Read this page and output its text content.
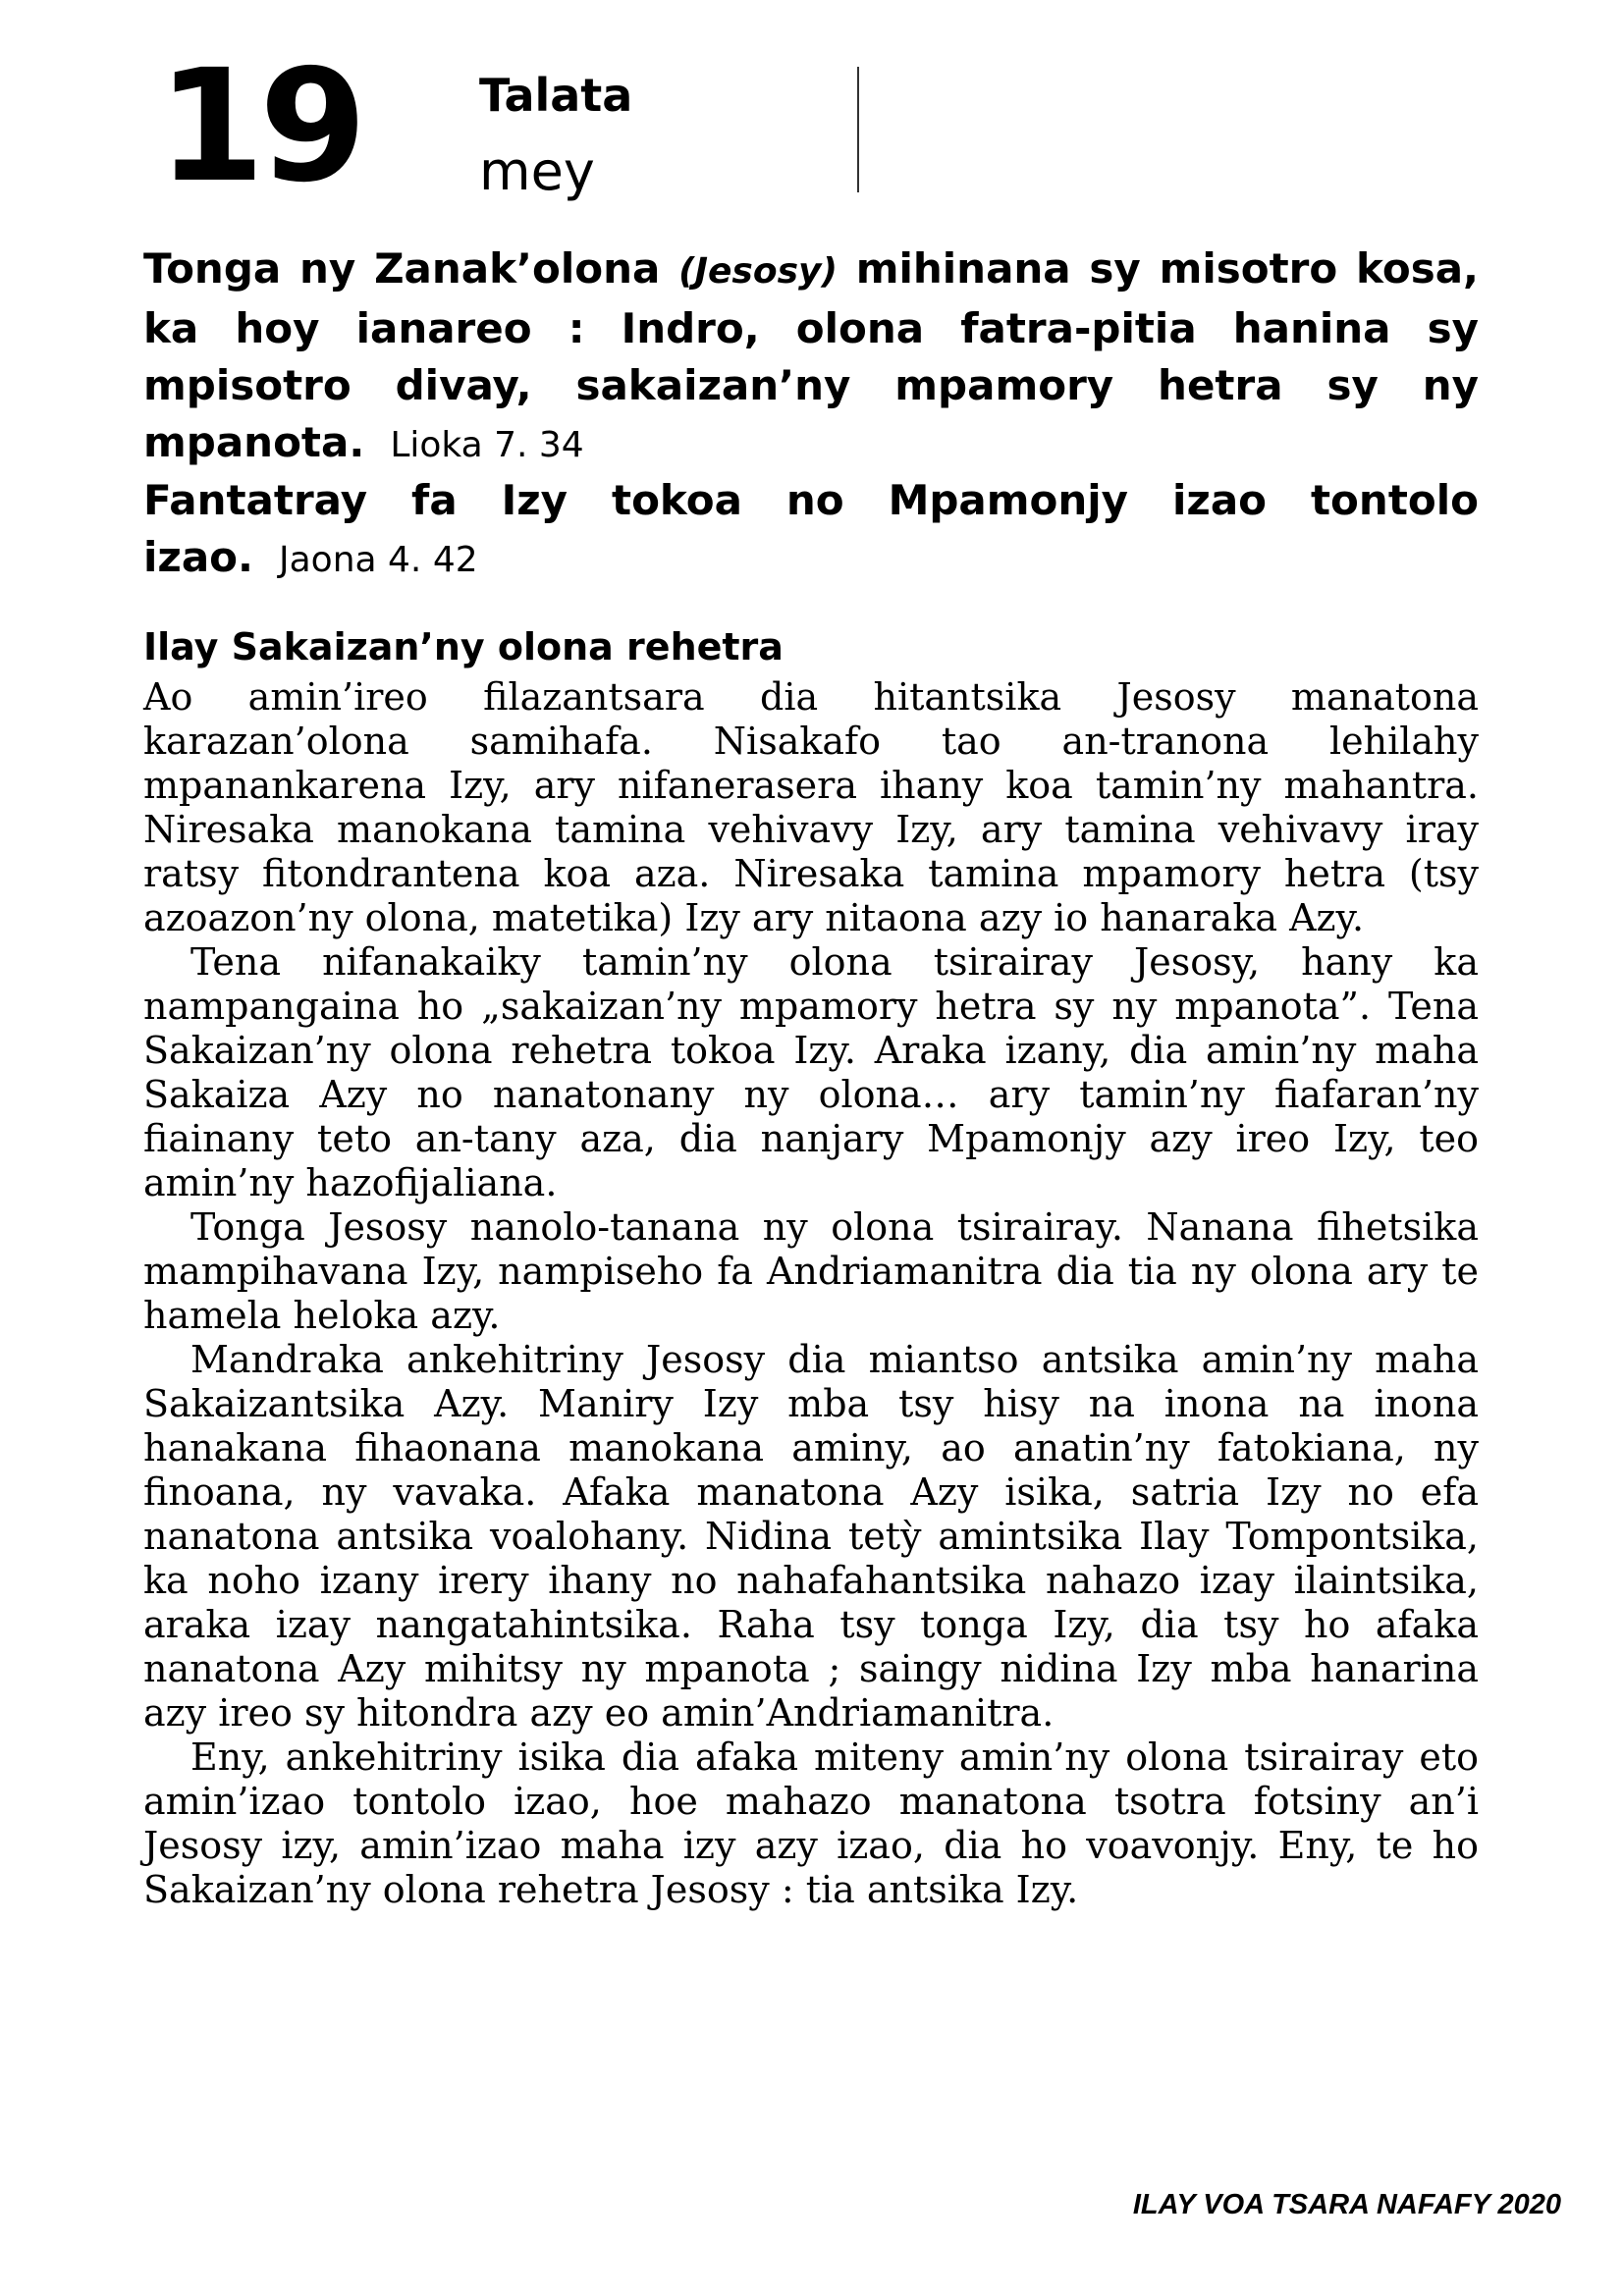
19	Talata
mey
Tonga ny Zanak’olona (Jesosy) mihinana sy misotro kosa, ka hoy ianareo : Indro, olona fatra-pitia hanina sy mpisotro divay, sakaizan’ny mpamory hetra sy ny mpanota. Lioka 7. 34
Fantatray fa Izy tokoa no Mpamonjy izao tontolo izao. Jaona 4. 42
Ilay Sakaizan’ny olona rehetra

Ao amin’ireo filazantsara dia hitantsika Jesosy manatona karazan’olona samihafa. Nisakafo tao an-tranona lehilahy mpanankarena Izy, ary nifanerasera ihany koa tamin’ny mahantra. Niresaka manokana tamina vehivavy Izy, ary tamina vehivavy iray ratsy fitondrantena koa aza. Niresaka tamina mpamory hetra (tsy azoazon’ny olona, matetika) Izy ary nitaona azy io hanaraka Azy.

Tena nifanakaiky tamin’ny olona tsirairay Jesosy, hany ka nampangaina ho „sakaizan’ny mpamory hetra sy ny mpanota”. Tena Sakaizan’ny olona rehetra tokoa Izy. Araka izany, dia amin’ny maha Sakaiza Azy no nanatonany ny olona… ary tamin’ny fiafaran’ny fiainany teto an-tany aza, dia nanjary Mpamonjy azy ireo Izy, teo amin’ny hazofijaliana.

Tonga Jesosy nanolo-tanana ny olona tsirairay. Nanana fihetsika mampihavana Izy, nampiseho fa Andriamanitra dia tia ny olona ary te hamela heloka azy.

Mandraka ankehitriny Jesosy dia miantso antsika amin’ny maha Sakaizantsika Azy. Maniry Izy mba tsy hisy na inona na inona hanakana fihaonana manokana aminy, ao anatin’ny fatokiana, ny finoana, ny vavaka. Afaka manatona Azy isika, satria Izy no efa nanatona antsika voalohany. Nidina tetỳ amintsika Ilay Tompontsika, ka noho izany irery ihany no nahafahantsika nahazo izay ilaintsika, araka izay nangatahintsika. Raha tsy tonga Izy, dia tsy ho afaka nanatona Azy mihitsy ny mpanota ; saingy nidina Izy mba hanarina azy ireo sy hitondra azy eo amin’Andriamanitra.

Eny, ankehitriny isika dia afaka miteny amin’ny olona tsirairay eto amin’izao tontolo izao, hoe mahazo manatona tsotra fotsiny an’i Jesosy izy, amin’izao maha izy azy izao, dia ho voavonjy. Eny, te ho Sakaizan’ny olona rehetra Jesosy : tia antsika Izy.

ILAY VOA TSARA NAFAFY 2020
